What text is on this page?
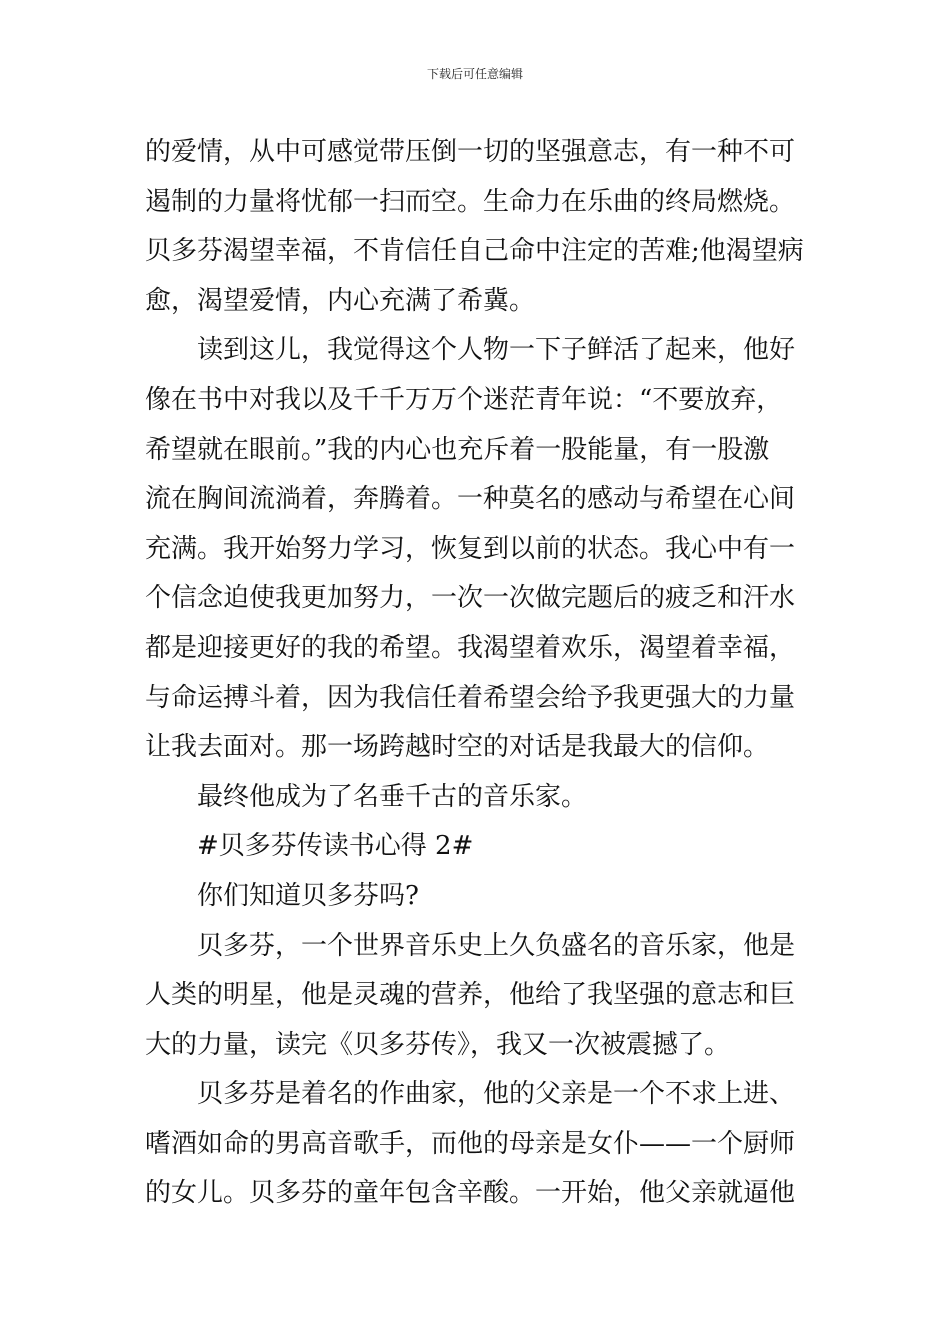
下载后可任意编辑
的爱情，从中可感觉带压倒一切的坚强意志，有一种不可
遏制的力量将忧郁一扫而空。生命力在乐曲的终局燃烧。
贝多芬渴望幸福，不肯信任自己命中注定的苦难;他渴望病
愈，渴望爱情，内心充满了希冀。
读到这儿，我觉得这个人物一下子鲜活了起来，他好
像在书中对我以及千千万万个迷茫青年说：“不要放弃，
希望就在眼前。”我的内心也充斥着一股能量，有一股激
流在胸间流淌着，奔腾着。一种莫名的感动与希望在心间
充满。我开始努力学习，恢复到以前的状态。我心中有一
个信念迫使我更加努力，一次一次做完题后的疲乏和汗水
都是迎接更好的我的希望。我渴望着欢乐，渴望着幸福，
与命运搏斗着，因为我信任着希望会给予我更强大的力量
让我去面对。那一场跨越时空的对话是我最大的信仰。
最终他成为了名垂千古的音乐家。
#贝多芬传读书心得 2#
你们知道贝多芬吗?
贝多芬，一个世界音乐史上久负盛名的音乐家，他是
人类的明星，他是灵魂的营养，他给了我坚强的意志和巨
大的力量，读完《贝多芬传》，我又一次被震撼了。
贝多芬是着名的作曲家，他的父亲是一个不求上进、
嗜酒如命的男高音歌手，而他的母亲是女仆——一个厨师
的女儿。贝多芬的童年包含辛酸。一开始，他父亲就逼他
